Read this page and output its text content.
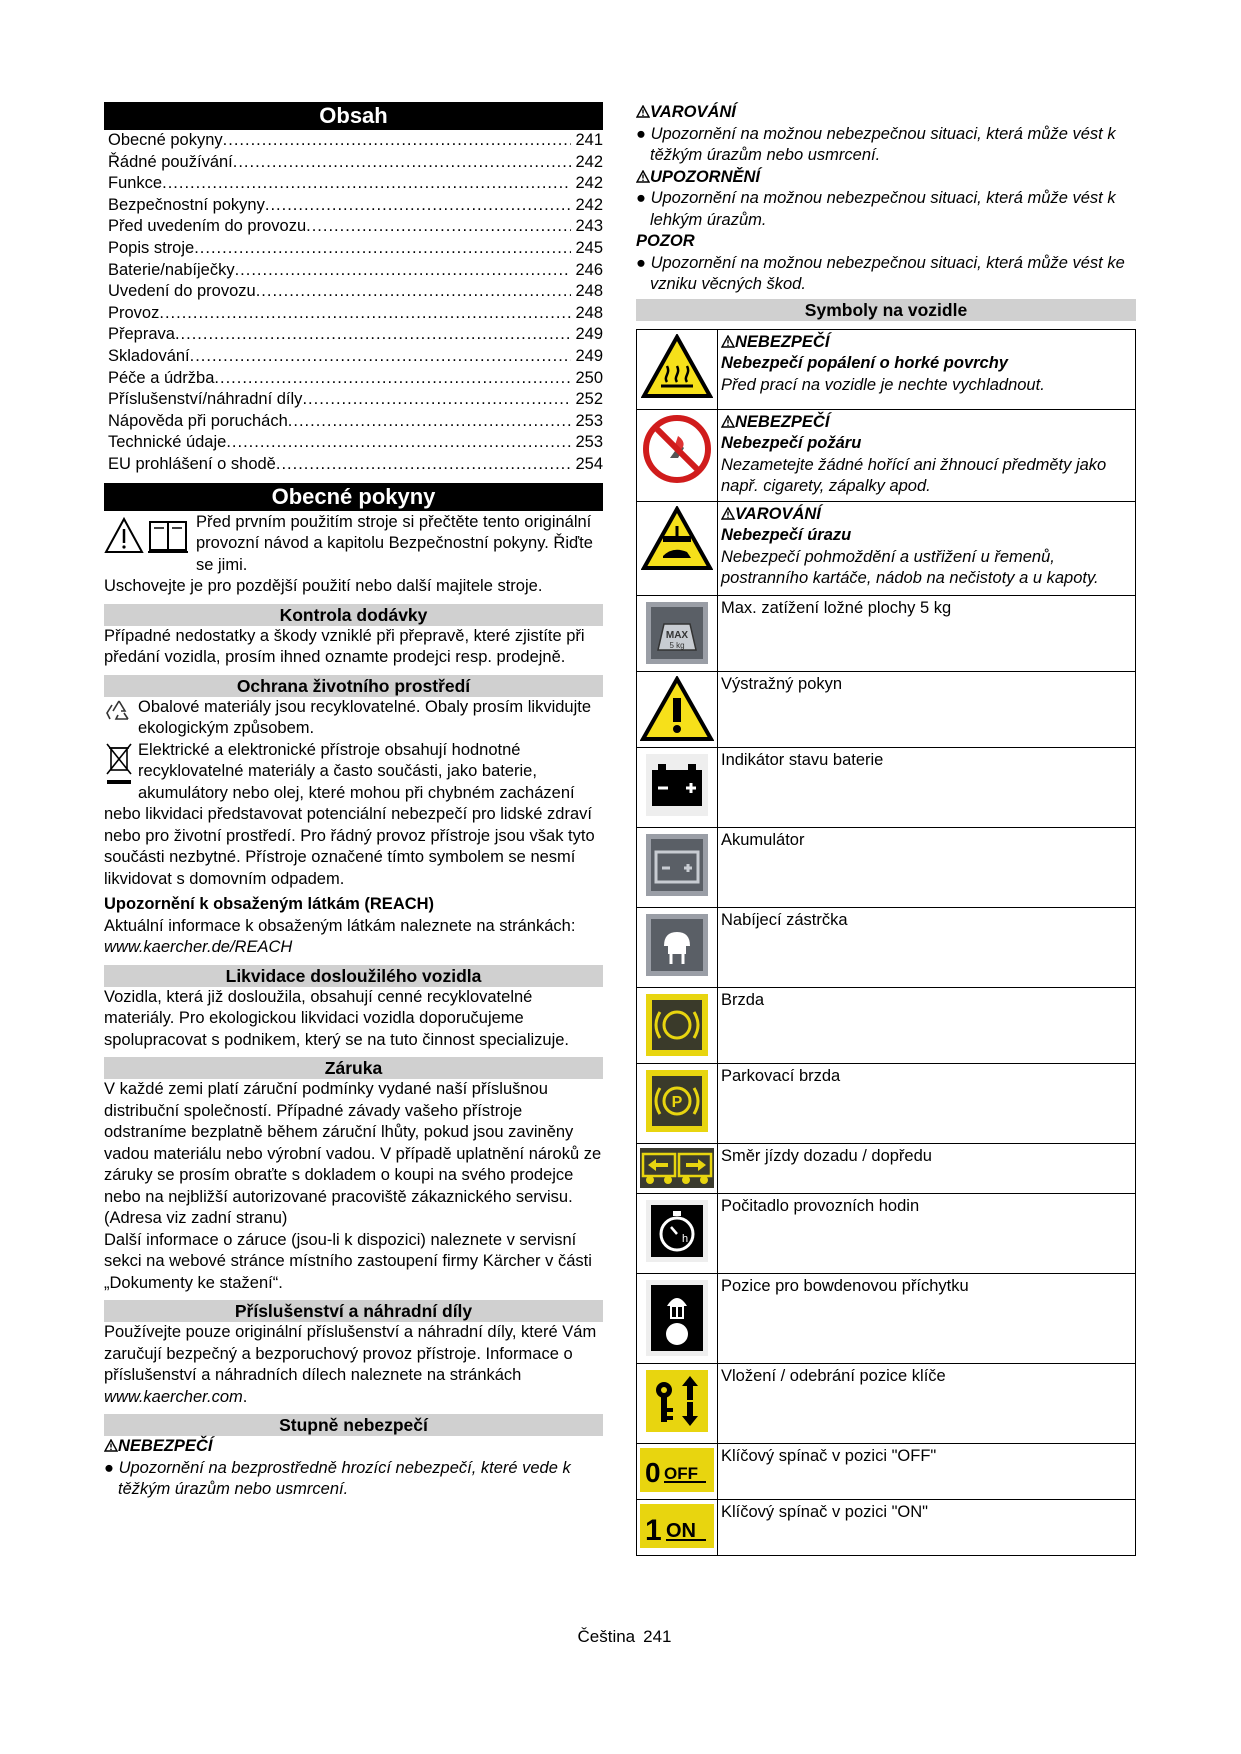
Obsah
Obecné pokyny .....	241
Řádné používání .....	242
Funkce .....	242
Bezpečnostní pokyny .....	242
Před uvedením do provozu .....	243
Popis stroje .....	245
Baterie/nabíječky .....	246
Uvedení do provozu .....	248
Provoz .....	248
Přeprava .....	249
Skladování .....	249
Péče a údržba .....	250
Příslušenství/náhradní díly .....	252
Nápověda při poruchách .....	253
Technické údaje .....	253
EU prohlášení o shodě .....	254
Obecné pokyny

Před prvním použitím stroje si přečtěte tento originální provozní návod a kapitolu Bezpečnostní pokyny. Řiďte se jimi.

Uschovejte je pro pozdější použití nebo další majitele stroje.

Kontrola dodávky

Případné nedostatky a škody vzniklé při přepravě, které zjistíte při předání vozidla, prosím ihned oznamte prodejci resp. prodejně.

Ochrana životního prostředí

Obalové materiály jsou recyklovatelné. Obaly prosím likvidujte ekologickým způsobem.

Elektrické a elektronické přístroje obsahují hodnotné recyklovatelné materiály a často součásti, jako baterie, akumulátory nebo olej, které mohou při chybném zacházení nebo likvidaci představovat potenciální nebezpečí pro lidské zdraví nebo pro životní prostředí. Pro řádný provoz přístroje jsou však tyto součásti nezbytné. Přístroje označené tímto symbolem se nesmí likvidovat s domovním odpadem.

Upozornění k obsaženým látkám (REACH)

Aktuální informace k obsaženým látkám naleznete na stránkách:

www.kaercher.de/REACH

Likvidace dosloužilého vozidla

Vozidla, která již dosloužila, obsahují cenné recyklovatelné materiály. Pro ekologickou likvidaci vozidla doporučujeme spolupracovat s podnikem, který se na tuto činnost specializuje.

Záruka

V každé zemi platí záruční podmínky vydané naší příslušnou distribuční společností. Případné závady vašeho přístroje odstraníme bezplatně během záruční lhůty, pokud jsou zaviněny vadou materiálu nebo výrobní vadou. V případě uplatnění nároků ze záruky se prosím obraťte s dokladem o koupi na svého prodejce nebo na nejbližší autorizované pracoviště zákaznického servisu.

(Adresa viz zadní stranu)

Další informace o záruce (jsou-li k dispozici) naleznete v servisní sekci na webové stránce místního zastoupení firmy Kärcher v části „Dokumenty ke stažení“.

Příslušenství a náhradní díly

Používejte pouze originální příslušenství a náhradní díly, které Vám zaručují bezpečný a bezporuchový provoz přístroje. Informace o příslušenství a náhradních dílech naleznete na stránkách www.kaercher.com.

Stupně nebezpečí

NEBEZPEČÍ

● Upozornění na bezprostředně hrozící nebezpečí, které vede k těžkým úrazům nebo usmrcení.

VAROVÁNÍ

● Upozornění na možnou nebezpečnou situaci, která může vést k těžkým úrazům nebo usmrcení.

UPOZORNĚNÍ

● Upozornění na možnou nebezpečnou situaci, která může vést k lehkým úrazům.

POZOR

● Upozornění na možnou nebezpečnou situaci, která může vést ke vzniku věcných škod.

Symboly na vozidle

NEBEZPEČÍ

Nebezpečí popálení o horké povrchy

Před prací na vozidle je nechte vychladnout.

NEBEZPEČÍ

Nebezpečí požáru

Nezametejte žádné hořící ani žhnoucí předměty jako např. cigarety, zápalky apod.

VAROVÁNÍ

Nebezpečí úrazu

Nebezpečí pohmoždění a ustřižení u řemenů, postranního kartáče, nádob na nečistoty a u kapoty.

MAX
5 kg	Max. zatížení ložné plochy 5 kg

Výstražný pokyn

Indikátor stavu baterie

Akumulátor

Nabíjecí zástrčka

Brzda

P	Parkovací brzda

Směr jízdy dozadu / dopředu

h	Počitadlo provozních hodin

Pozice pro bowdenovou příchytku

Vložení / odebrání pozice klíče

0 OFF	Klíčový spínač v pozici "OFF"

1 ON	Klíčový spínač v pozici "ON"

Čeština 241
